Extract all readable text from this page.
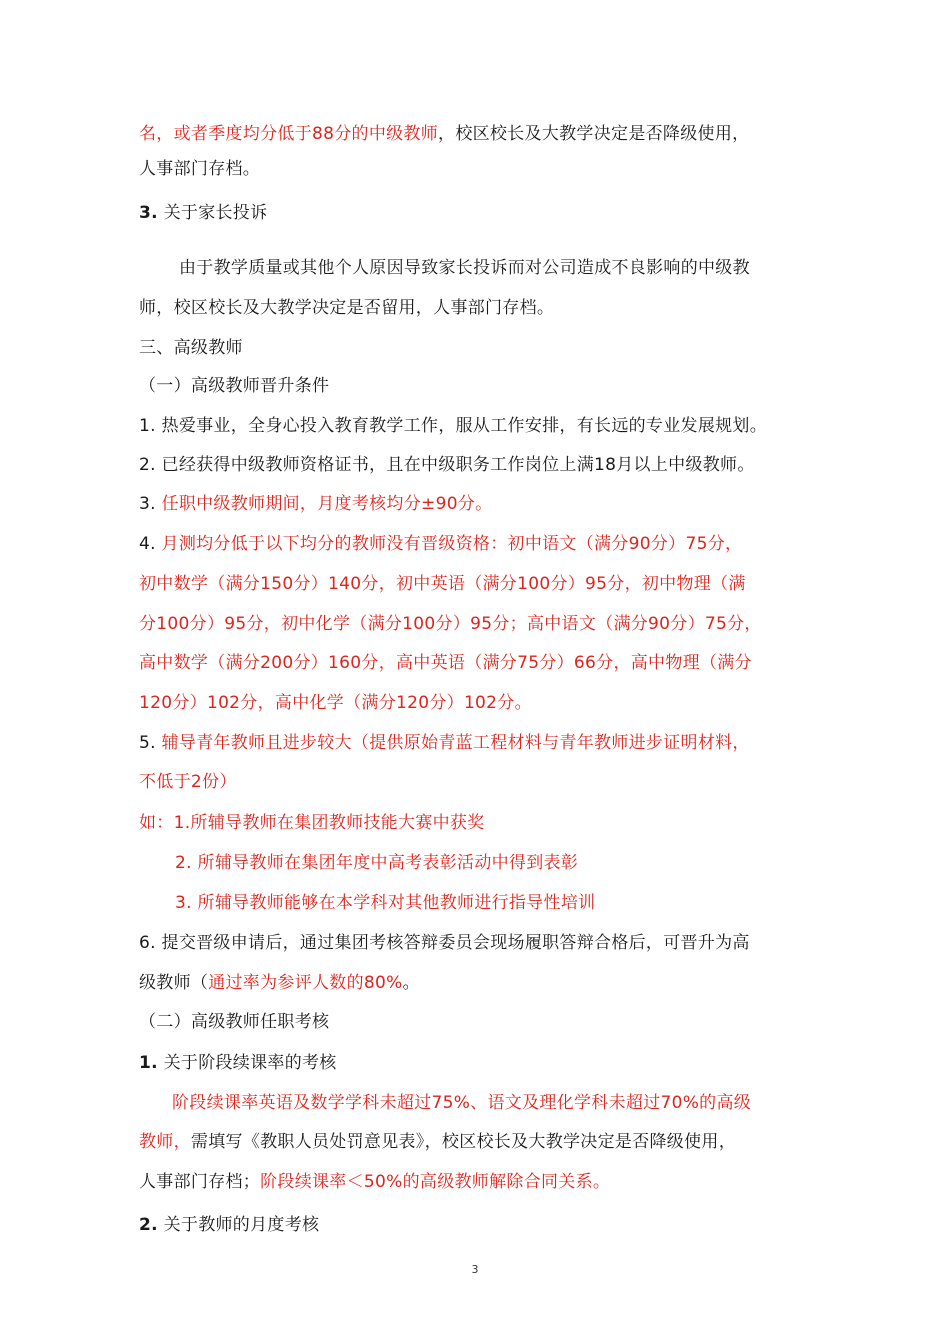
名，或者季度均分低于88分的中级教师，校区校长及大教学决定是否降级使用，
人事部门存档。
3. 关于家长投诉
由于教学质量或其他个人原因导致家长投诉而对公司造成不良影响的中级教
师，校区校长及大教学决定是否留用，人事部门存档。
三、高级教师
（一）高级教师晋升条件
1. 热爱事业，全身心投入教育教学工作，服从工作安排，有长远的专业发展规划。
2. 已经获得中级教师资格证书，且在中级职务工作岗位上满18月以上中级教师。
3. 任职中级教师期间，月度考核均分±90分。
4. 月测均分低于以下均分的教师没有晋级资格：初中语文（满分90分）75分，
初中数学（满分150分）140分，初中英语（满分100分）95分，初中物理（满
分100分）95分，初中化学（满分100分）95分；高中语文（满分90分）75分，
高中数学（满分200分）160分，高中英语（满分75分）66分，高中物理（满分
120分）102分，高中化学（满分120分）102分。
5. 辅导青年教师且进步较大（提供原始青蓝工程材料与青年教师进步证明材料，
不低于2份）
如：1.所辅导教师在集团教师技能大赛中获奖
2. 所辅导教师在集团年度中高考表彰活动中得到表彰
3. 所辅导教师能够在本学科对其他教师进行指导性培训
6. 提交晋级申请后，通过集团考核答辩委员会现场履职答辩合格后，可晋升为高
级教师（通过率为参评人数的80%。
（二）高级教师任职考核
1. 关于阶段续课率的考核
阶段续课率英语及数学学科未超过75%、语文及理化学科未超过70%的高级
教师，需填写《教职人员处罚意见表》，校区校长及大教学决定是否降级使用，
人事部门存档；阶段续课率＜50%的高级教师解除合同关系。
2. 关于教师的月度考核
3
